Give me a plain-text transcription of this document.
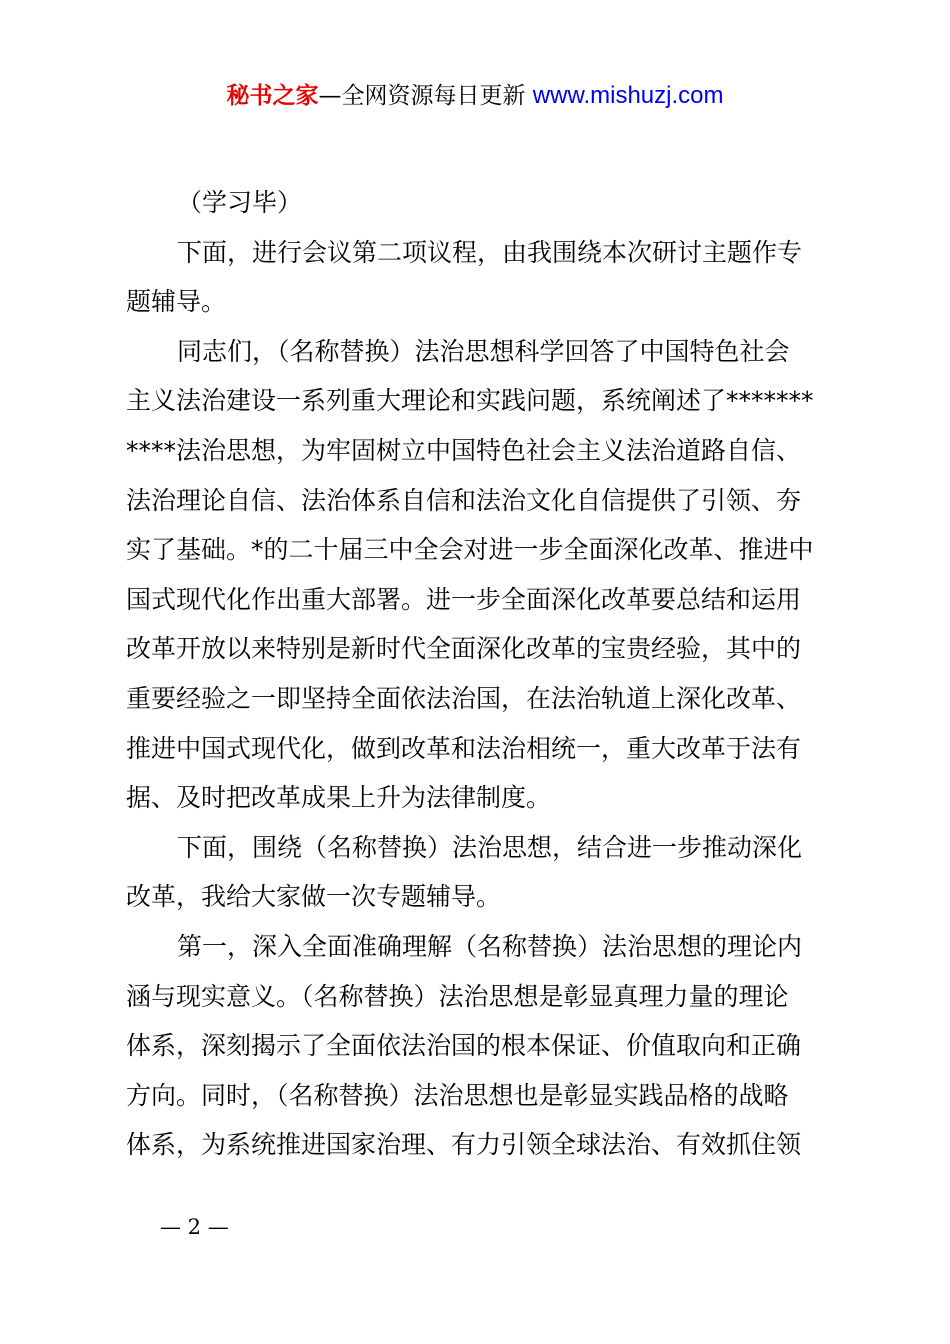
秘书之家—全网资源每日更新 www.mishuzj.com
（学习毕）
下面，进行会议第二项议程，由我围绕本次研讨主题作专
题辅导。
同志们，（名称替换）法治思想科学回答了中国特色社会
主义法治建设一系列重大理论和实践问题，系统阐述了*******
****法治思想，为牢固树立中国特色社会主义法治道路自信、
法治理论自信、法治体系自信和法治文化自信提供了引领、夯
实了基础。*的二十届三中全会对进一步全面深化改革、推进中
国式现代化作出重大部署。进一步全面深化改革要总结和运用
改革开放以来特别是新时代全面深化改革的宝贵经验，其中的
重要经验之一即坚持全面依法治国，在法治轨道上深化改革、
推进中国式现代化，做到改革和法治相统一，重大改革于法有
据、及时把改革成果上升为法律制度。
下面，围绕（名称替换）法治思想，结合进一步推动深化
改革，我给大家做一次专题辅导。
第一，深入全面准确理解（名称替换）法治思想的理论内
涵与现实意义。（名称替换）法治思想是彰显真理力量的理论
体系，深刻揭示了全面依法治国的根本保证、价值取向和正确
方向。同时，（名称替换）法治思想也是彰显实践品格的战略
体系，为系统推进国家治理、有力引领全球法治、有效抓住领
— 2 —
